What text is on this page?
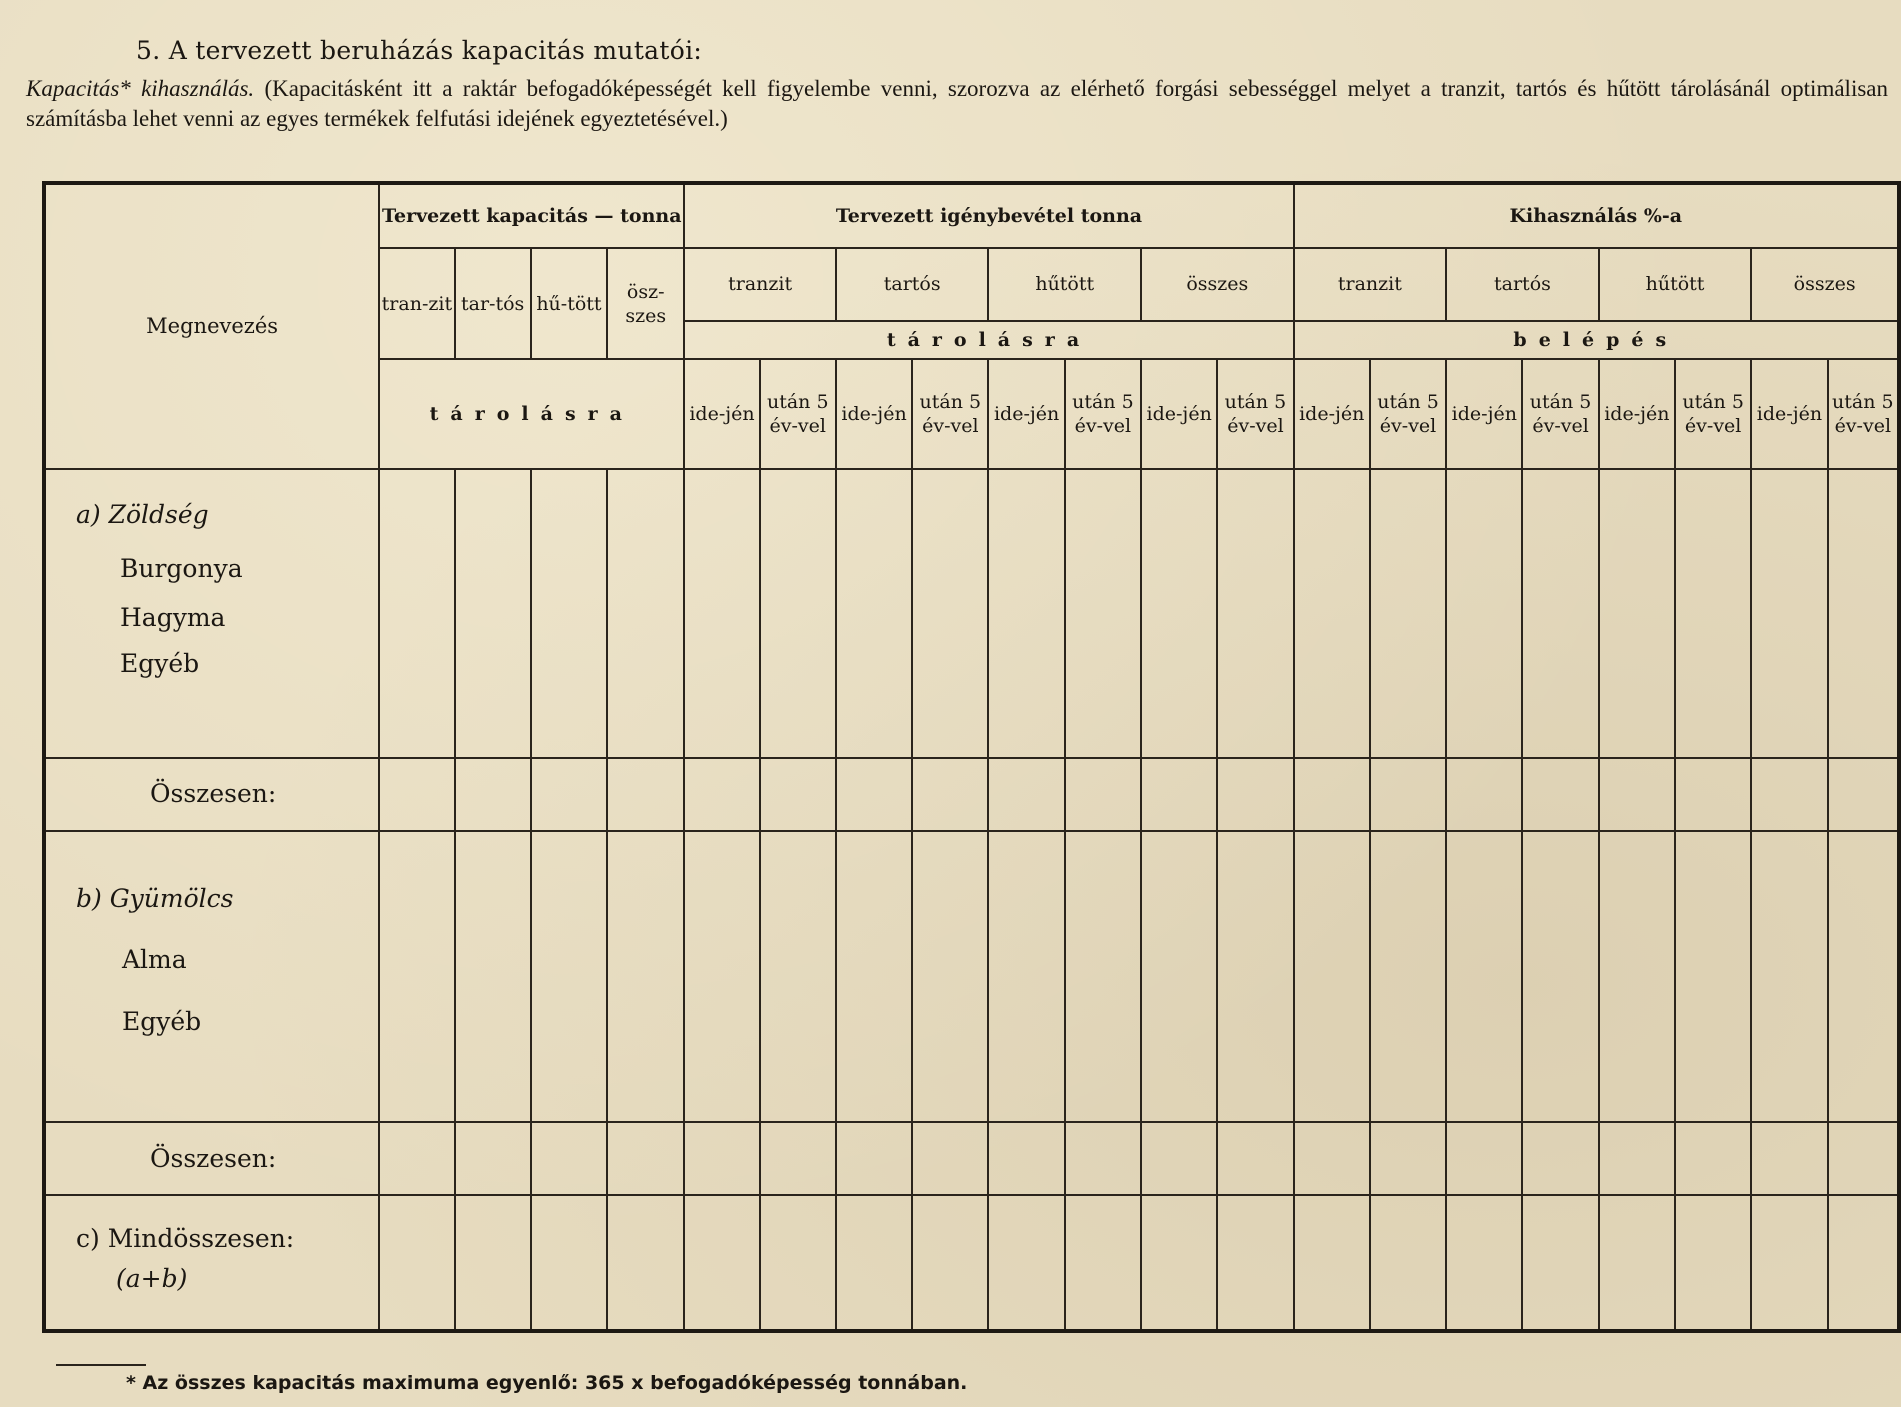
5. A tervezett beruházás kapacitás mutatói:
Kapacitás* kihasználás. (Kapacitásként itt a raktár befogadóképességét kell figyelembe venni, szorozva az elérhető forgási sebességgel melyet a tranzit, tartós és hűtött tárolásánál optimálisan számításba lehet venni az egyes termékek felfutási idejének egyeztetésével.)
Megnevezés	Tervezett kapacitás — tonna				Tervezett igénybevétel tonna								Kihasználás %-a							
	tran-zit	tar-tós	hű-tött	ösz-szes	tranzit		tartós		hűtött		összes		tranzit		tartós		hűtött		összes	
					tárolásra								belépés							
	tárolásra				ide-jén	után 5 év-vel	ide-jén	után 5 év-vel	ide-jén	után 5 év-vel	ide-jén	után 5 év-vel	ide-jén	után 5 év-vel	ide-jén	után 5 év-vel	ide-jén	után 5 év-vel	ide-jén	után 5 év-vel

a) Zöldség
Burgonya
Hagyma
Egyéb																				

Összesen:																				

b) Gyümölcs
Alma
Egyéb																				

Összesen:																				

c) Mindösszesen:
(a+b)																				

* Az összes kapacitás maximuma egyenlő: 365 x befogadóképesség tonnában.
